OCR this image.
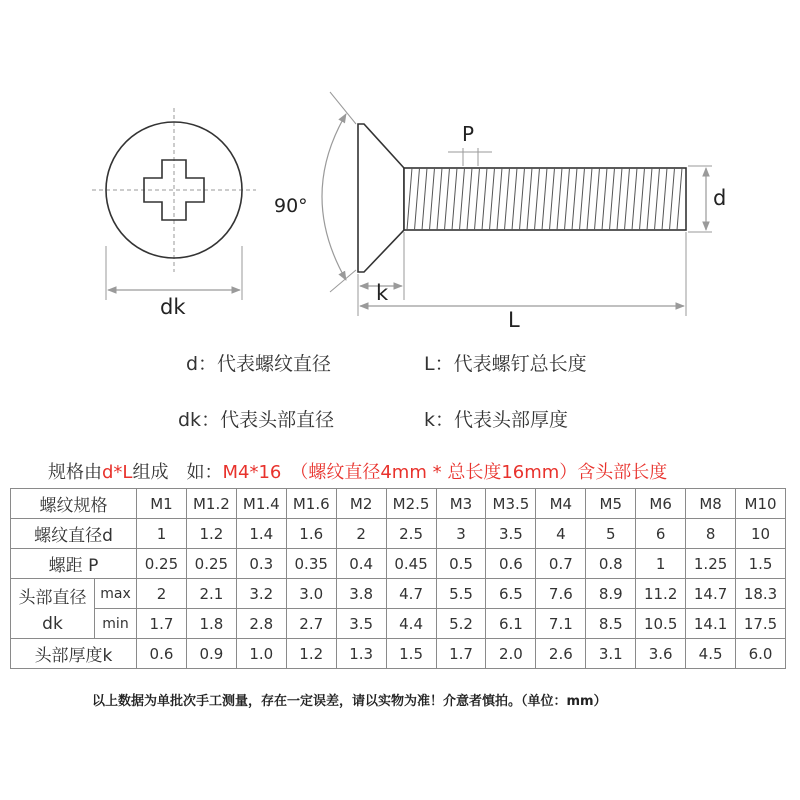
90°
P
d
dk
k
L
d：代表螺纹直径	L：代表螺钉总长度
dk：代表头部直径	k：代表头部厚度
规格由d*L组成　如：M4*16　（螺纹直径4mm * 总长度16mm）含头部长度
螺纹规格		M1	M1.2	M1.4	M1.6	M2	M2.5	M3	M3.5	M4	M5	M6	M8	M10
螺纹直径d		1	1.2	1.4	1.6	2	2.5	3	3.5	4	5	6	8	10
螺距 P		0.25	0.25	0.3	0.35	0.4	0.45	0.5	0.6	0.7	0.8	1	1.25	1.5

头部直径
dk	max	2	2.1	3.2	3.0	3.8	4.7	5.5	6.5	7.6	8.9	11.2	14.7	18.3
	min	1.7	1.8	2.8	2.7	3.5	4.4	5.2	6.1	7.1	8.5	10.5	14.1	17.5
头部厚度k		0.6	0.9	1.0	1.2	1.3	1.5	1.7	2.0	2.6	3.1	3.6	4.5	6.0
以上数据为单批次手工测量，存在一定误差，请以实物为准！介意者慎拍。（单位：mm）
